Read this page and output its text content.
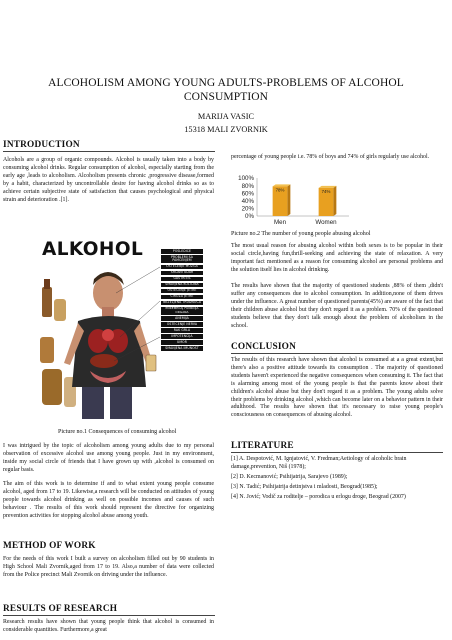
ALCOHOLISM AMONG YOUNG ADULTS-PROBLEMS OF ALCOHOL
CONSUMPTION
MARIJA VASIC
15318 MALI ZVORNIK
INTRODUCTION

Alcohols are a group of organic compounds. Alcohol is usually taken into a body by consuming alcohol drinks. Regular consumption of alcohol, especially starting from the early age ,leads to alcoholism. Alcoholism presents chronic ,progressive disease,formed by a habit, characterized by uncontrollable desire for having alcohol drinks so as to achieve certain subjective state of satisfaction that causes psychological and physical strain and deterioration .[1].

ALKOHOL	POSLEDICE
PROBLEMI SA PAMĆENJEM
OŠTEĆENJE MOZGA
SRČANI UDAR
GASTRITIS
SMANJENA KOLIČINA
OŠTEĆENJE JETRE
CIROZA JETRE
NEŽELJENA TRUDNOĆA
POREMEĆAJ FUNKCIJA ORGANA
ANEMIJA
OŠTEĆENJE NERVA
RAK GRLA
IMPOTENCIJA
UMOR
SMANJENA IMUNOST
Picture no.1 Consequences of consuming alcohol

I was intrigued by the topic of alcoholism among young adults due to my personal observation of excessive alcohol use among young people. Just in my environment, inside my social circle of friends that I have grown up with ,alcohol is consumed on regular basis.

The aim of this work is to determine if and to what extent young people consume alcohol, aged from 17 to 19. Likewise,a research will be conducted on attitudes of young people towards alcohol drinking as well on possible incomes and causes of such behaviour . The results of this work should represent the directive for organizing prevention activities for stopping alcohol abuse among youth.

METHOD OF WORK

For the needs of this work I built a survey on alcoholism filled out by 90 students in High School Mali Zvornik,aged from 17 to 19. Also,a number of data were collected from the Police precinct Mali Zvornik on driving under the influence.

RESULTS OF RESEARCH

Research results have shown that young people think that alcohol is consumed in considerable quantities. Furthermore,a great

percentage of young people i.e. 78% of boys and 74% of girls regularly use alcohol.

0%
20%
40%
60%
80%
100%
78%	74%
Men	Women
Picture no.2 The number of young people abusing alcohol

The most usual reason for abusing alcohol within both sexes is to be popular in their social circle,having fun,thrill-seeking and achieving the state of relaxation. A very important fact mentioned as a reason for consuming alcohol are personal problems and the solution itself lies in alcohol drinking.

The results have shown that the majority of questioned students ,88% of them ,didn't suffer any consequences due to alcohol consumption. In addition,none of them drives under the influence. A great number of questioned parents(45%) are aware of the fact that their children abuse alcohol but they don't regard it as a problem. 70% of the questioned students believe that they don't talk enough about the problem of alcoholism in the school.

CONCLUSION

The results of this research have shown that alcohol is consumed at a a great extent,but there's also a positive attitude towards its consumption . The majority of questioned students haven't experienced the negative consequences when consuming it. The fact that is alarming among most of the young people is that the parents know about their children's alcohol abuse but they don't regard it as a problem. The young adults solve their problems by drinking alcohol ,which can become later on a behavior pattern in their adulthood. The results have shown that it's necessary to raise young people's consciousness on consequences of abusing alcohol.

LITERATURE

[1] A. Despotović, M. Ignjatović, V. Fredman;Aetiology of alcoholic brain damage,prevention, Niš (1978);

[2] D. Kecmanović; Psihijatrija, Sarajevo (1989);

[3] N. Tadić; Psihijatrija detinjstva i mladosti, Beograd(1985);

[4] N. Jović; Vodič za roditelje – porodica u erlogu droge, Beograd (2007)
